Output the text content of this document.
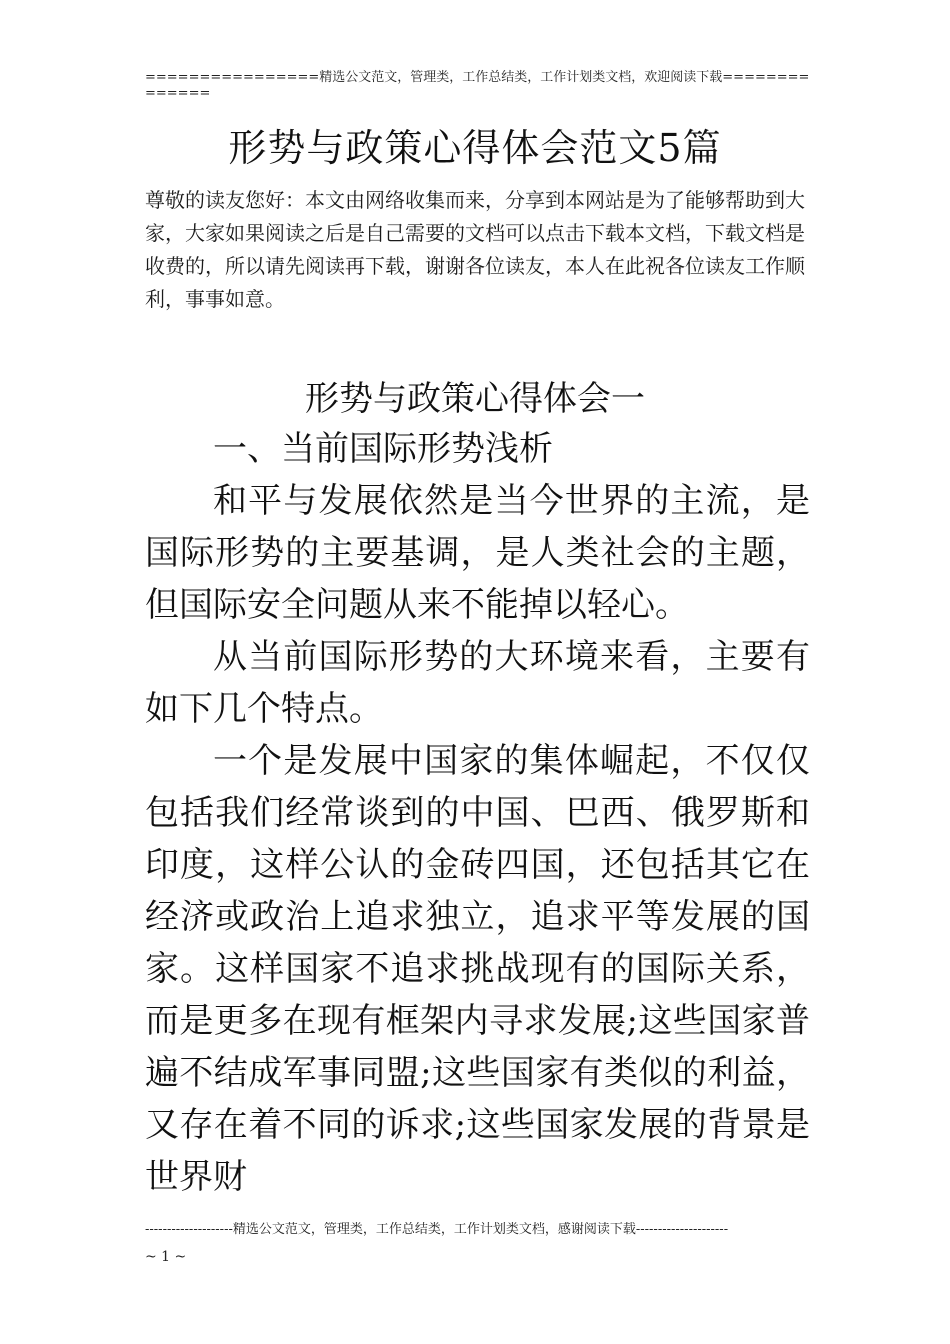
================精选公文范文，管理类，工作总结类，工作计划类文档，欢迎阅读下载==============
形势与政策心得体会范文5篇
尊敬的读友您好：本文由网络收集而来，分享到本网站是为了能够帮助到大家，大家如果阅读之后是自己需要的文档可以点击下载本文档，下载文档是收费的，所以请先阅读再下载，谢谢各位读友，本人在此祝各位读友工作顺利，事事如意。
形势与政策心得体会一

一、当前国际形势浅析

和平与发展依然是当今世界的主流，是国际形势的主要基调，是人类社会的主题，但国际安全问题从来不能掉以轻心。

从当前国际形势的大环境来看，主要有如下几个特点。

一个是发展中国家的集体崛起，不仅仅包括我们经常谈到的中国、巴西、俄罗斯和印度，这样公认的金砖四国，还包括其它在经济或政治上追求独立，追求平等发展的国家。这样国家不追求挑战现有的国际关系，而是更多在现有框架内寻求发展;这些国家普遍不结成军事同盟;这些国家有类似的利益，又存在着不同的诉求;这些国家发展的背景是世界财

--------------------精选公文范文，管理类，工作总结类，工作计划类文档，感谢阅读下载---------------------
~ 1 ~
